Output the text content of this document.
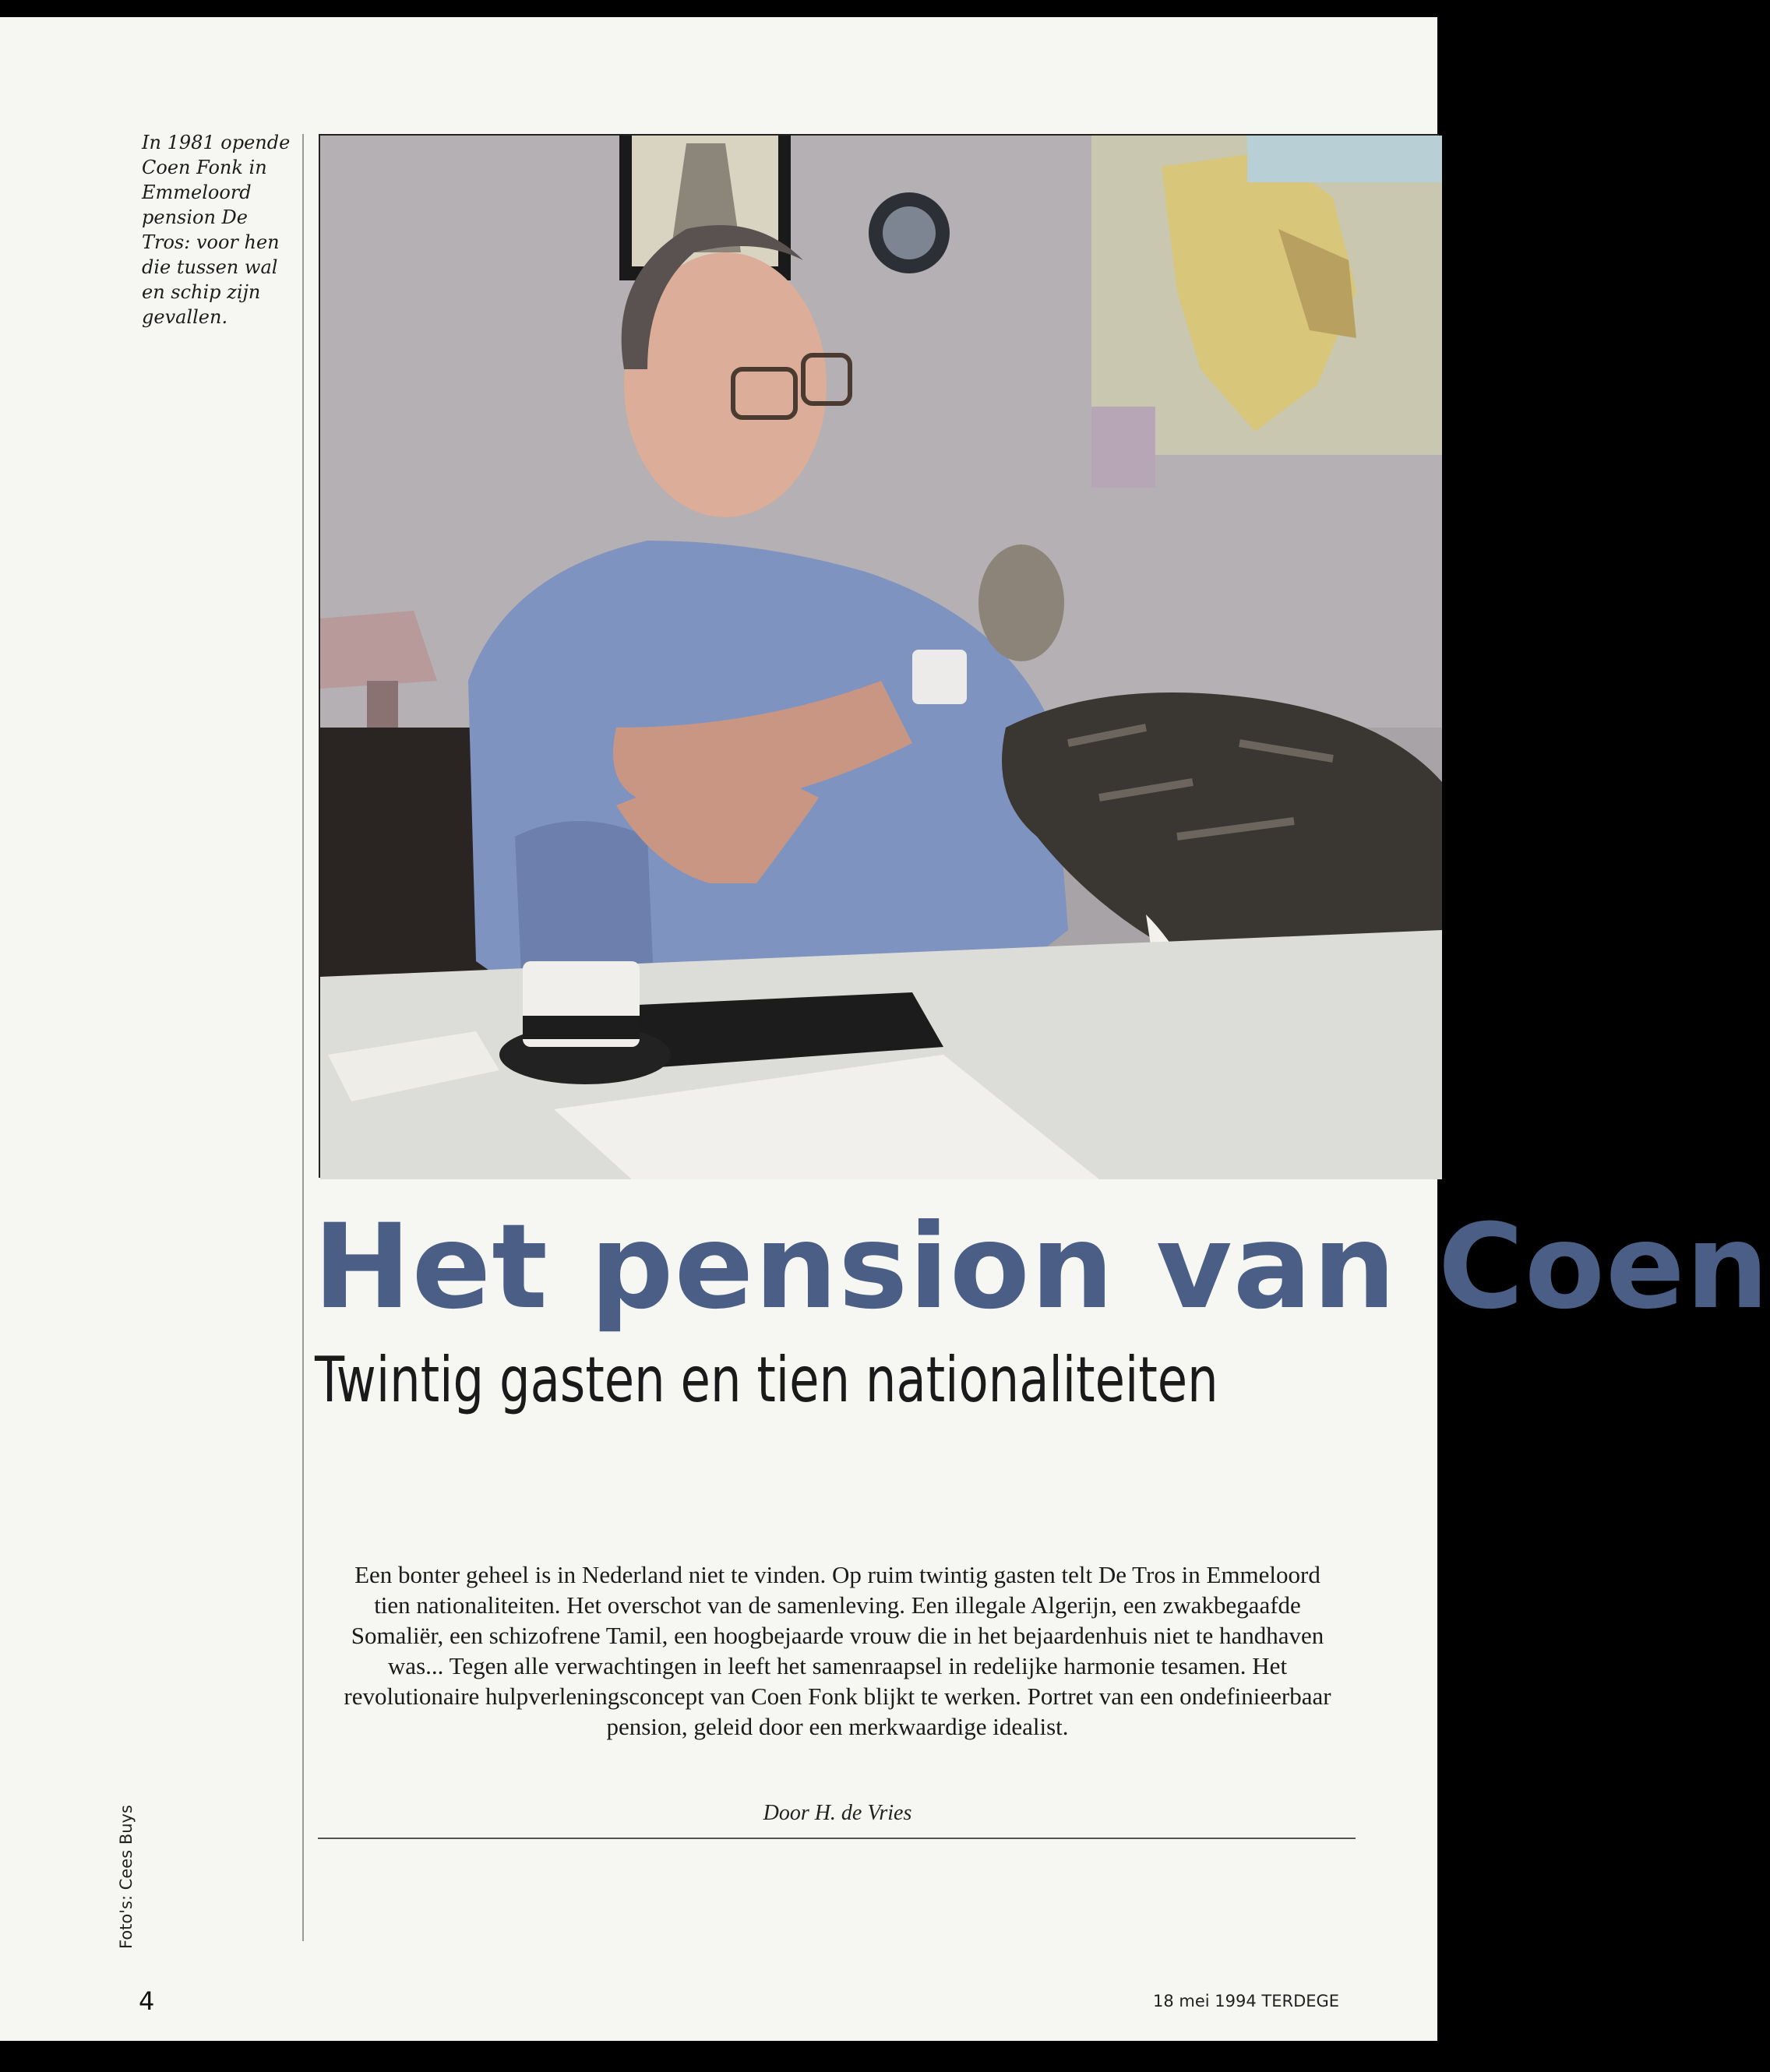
In 1981 opende Coen Fonk in Emmeloord pension De Tros: voor hen die tussen wal en schip zijn gevallen.
Het pension van Coen
Twintig gasten en tien nationaliteiten
Een bonter geheel is in Nederland niet te vinden. Op ruim twintig gasten telt De Tros in Emmeloord tien nationaliteiten. Het overschot van de samenleving. Een illegale Algerijn, een zwakbegaafde Somaliër, een schizofrene Tamil, een hoogbejaarde vrouw die in het bejaardenhuis niet te handhaven was... Tegen alle verwachtingen in leeft het samenraapsel in redelijke harmonie tesamen. Het revolutionaire hulpverleningsconcept van Coen Fonk blijkt te werken. Portret van een ondefinieerbaar pension, geleid door een merkwaardige idealist.
Door H. de Vries
Foto's: Cees Buys
4	18 mei 1994 TERDEGE
